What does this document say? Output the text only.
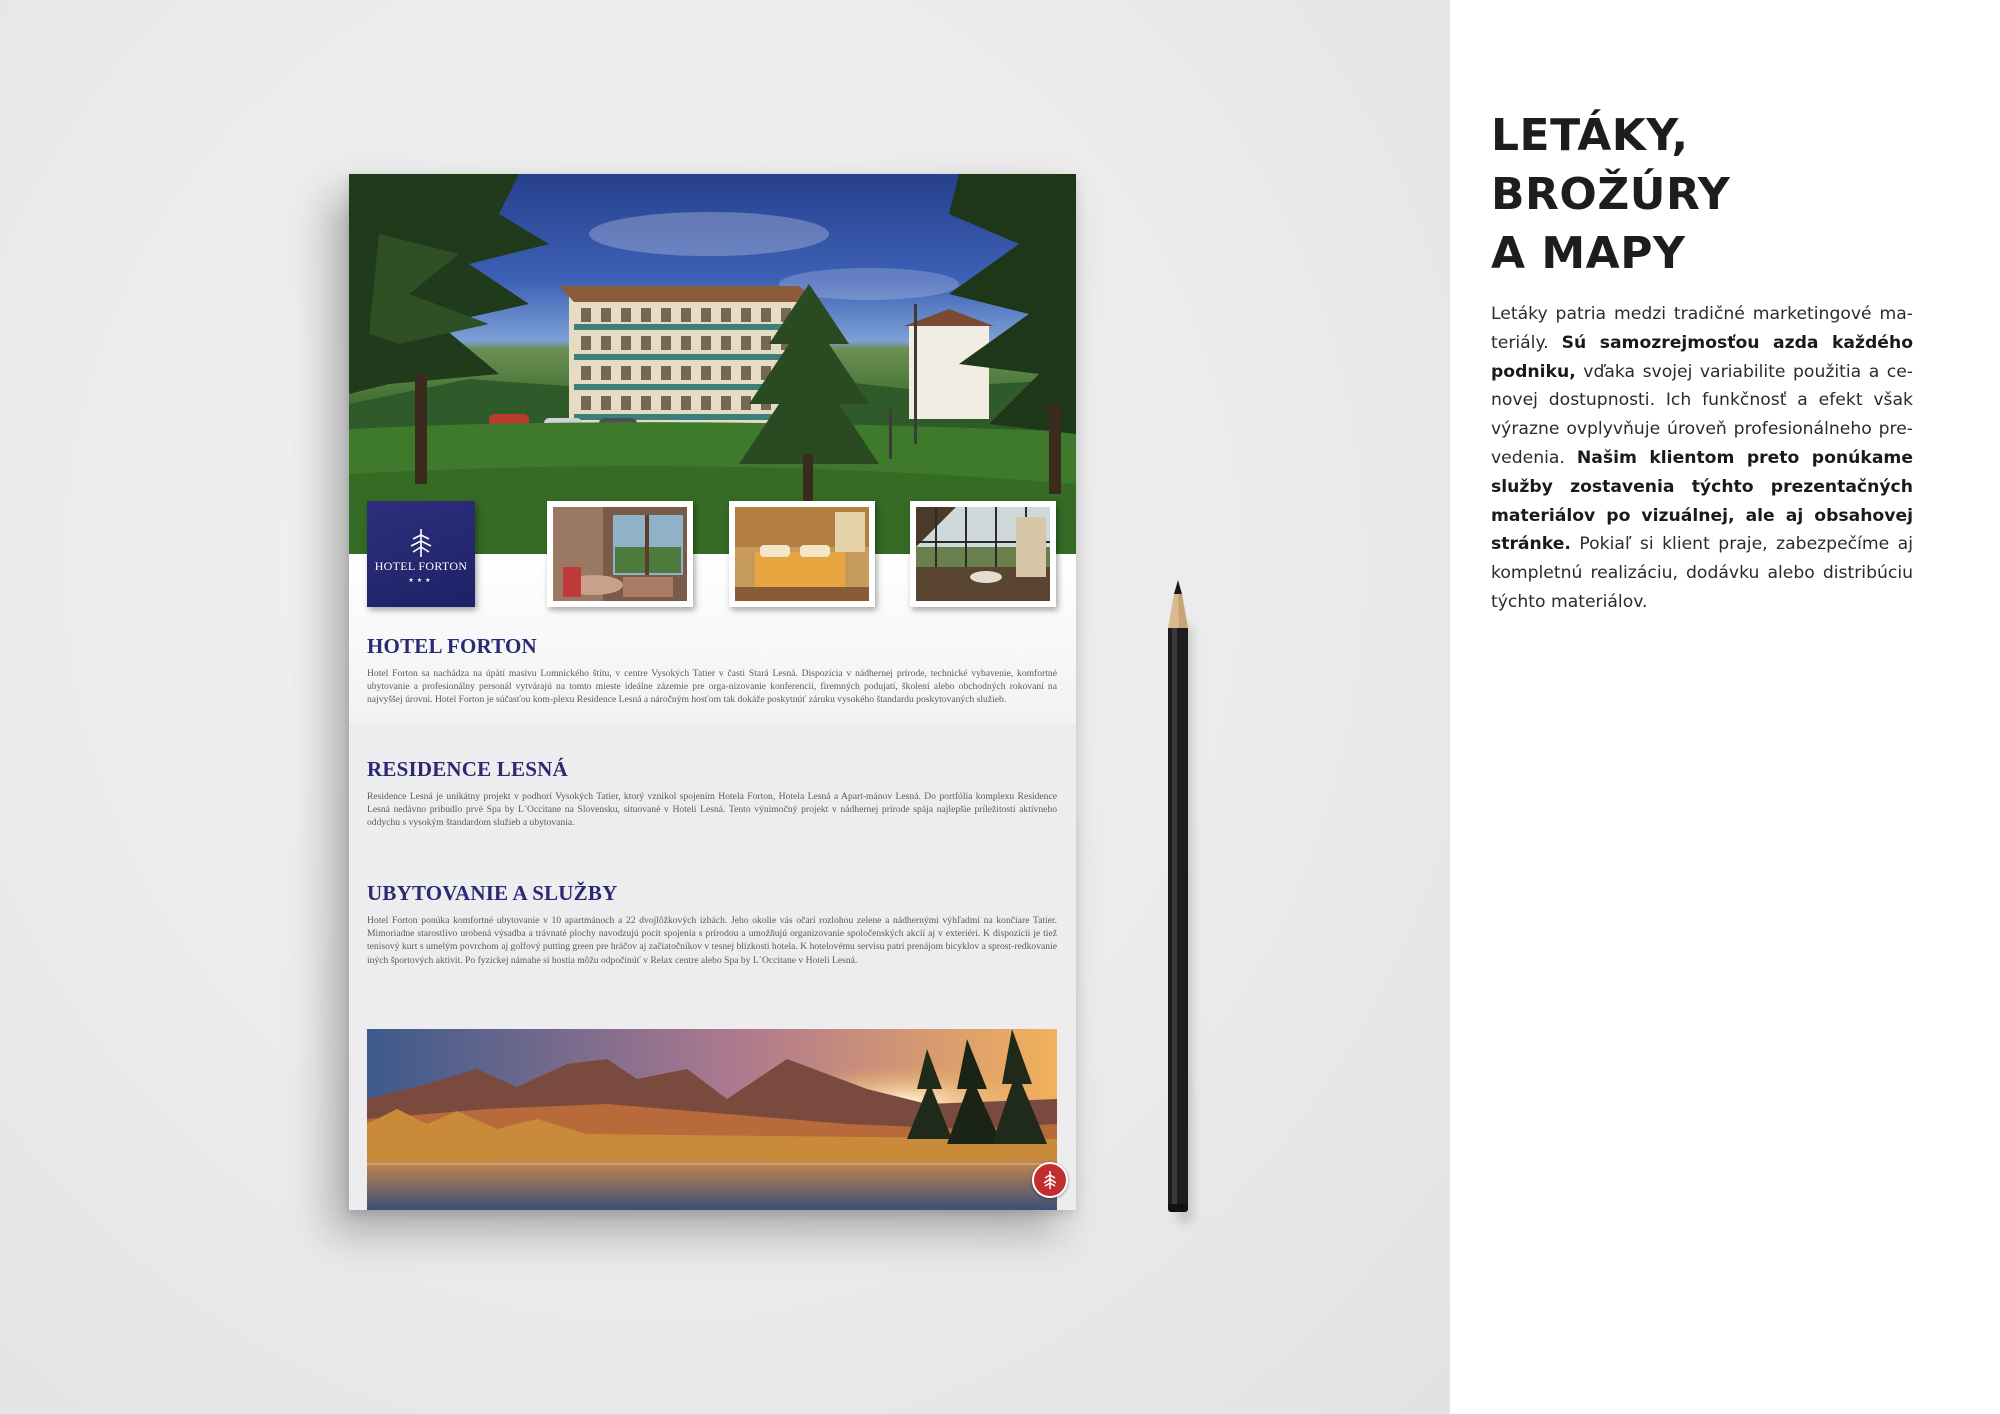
HOTEL FORTON
★★★
HOTEL FORTON
Hotel Forton sa nachádza na úpätí masívu Lomnického štítu, v centre Vysokých Tatier v časti Stará Lesná. Dispozícia v nádhernej prírode, technické vybavenie, komfortné ubytovanie a profesionálny personál vytvárajú na tomto mieste ideálne zázemie pre orga-nizovanie konferencií, firemných podujatí, školení alebo obchodných rokovaní na najvyššej úrovni. Hotel Forton je súčasťou kom-plexu Residence Lesná a náročným hosťom tak dokáže poskytnúť záruku vysokého štandardu poskytovaných služieb.
RESIDENCE LESNÁ
Residence Lesná je unikátny projekt v podhorí Vysokých Tatier, ktorý vznikol spojením Hotela Forton, Hotela Lesná a Apart-mánov Lesná. Do portfólia komplexu Residence Lesná nedávno pribudlo prvé Spa by L´Occitane na Slovensku, situované v Hoteli Lesná. Tento výnimočný projekt v nádhernej prírode spája najlepšie príležitosti aktívneho oddychu s vysokým štandardom služieb a ubytovania.
UBYTOVANIE A SLUŽBY
Hotel Forton ponúka komfortné ubytovanie v 10 apartmánoch a 22 dvojlôžkových izbách. Jeho okolie vás očarí rozlohou zelene a nádhernými výhľadmi na končiare Tatier. Mimoriadne starostlivo urobená výsadba a trávnaté plochy navodzujú pocit spojenia s prírodou a umožňujú organizovanie spoločenských akcií aj v exteriéri. K dispozícii je tiež tenisový kurt s umelým povrchom aj golfový putting green pre hráčov aj začiatočníkov v tesnej blízkosti hotela. K hotelovému servisu patrí prenájom bicyklov a sprost-redkovanie iných športových aktivít. Po fyzickej námahe si hostia môžu odpočinúť v Relax centre alebo Spa by L´Occitane v Hoteli Lesná.
LETÁKY,
BROŽÚRY
A MAPY

Letáky patria medzi tradičné marketingové ma-teriály. Sú samozrejmosťou azda každého podniku, vďaka svojej variabilite použitia a ce-novej dostupnosti. Ich funkčnosť a efekt však výrazne ovplyvňuje úroveň profesionálneho pre-vedenia. Našim klientom preto ponúkame služby zostavenia týchto prezentačných materiálov po vizuálnej, ale aj obsahovej stránke. Pokiaľ si klient praje, zabezpečíme aj kompletnú realizáciu, dodávku alebo distribúciu týchto materiálov.
